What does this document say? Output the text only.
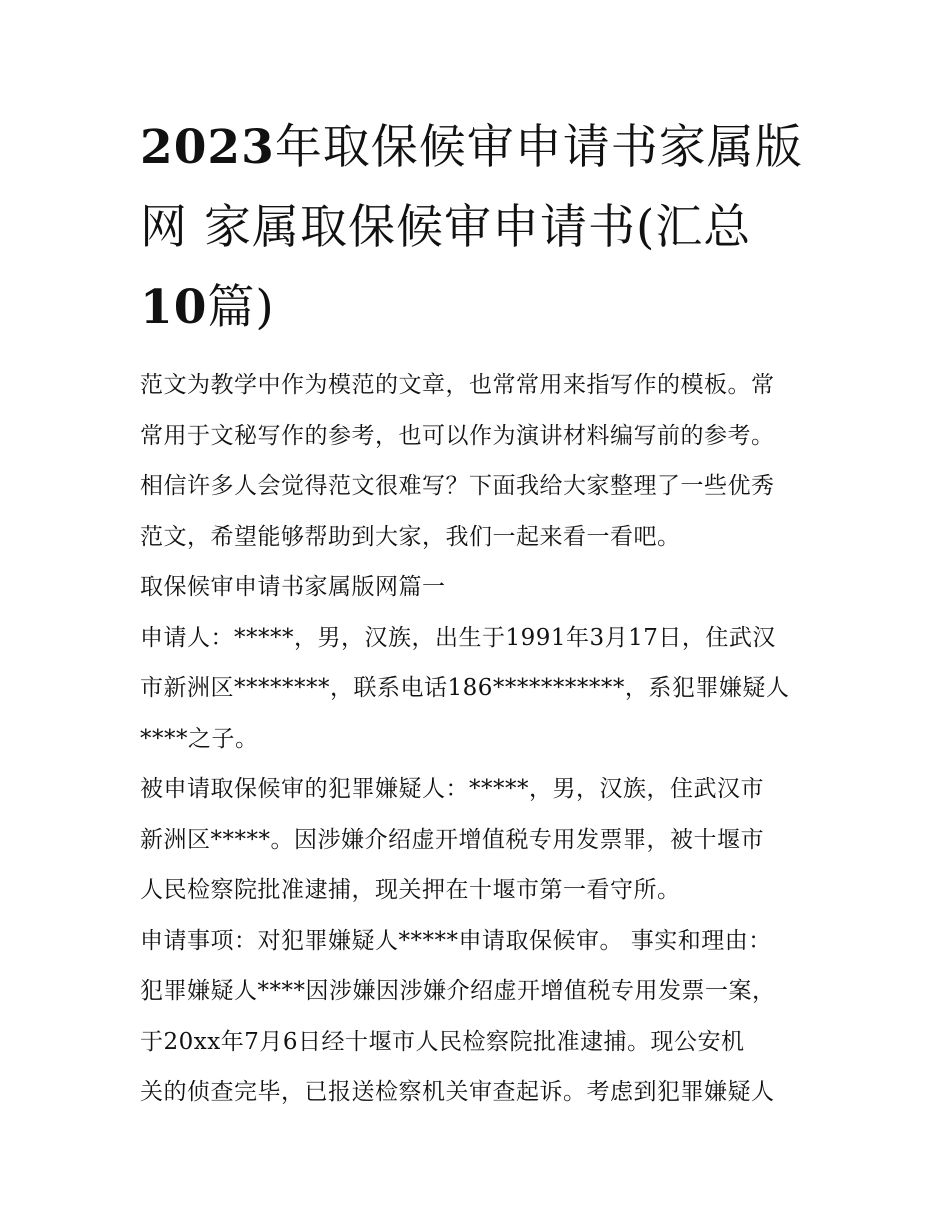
2023年取保候审申请书家属版
网 家属取保候审申请书(汇总
10篇)

范文为教学中作为模范的文章，也常常用来指写作的模板。常

常用于文秘写作的参考，也可以作为演讲材料编写前的参考。

相信许多人会觉得范文很难写？下面我给大家整理了一些优秀

范文，希望能够帮助到大家，我们一起来看一看吧。

取保候审申请书家属版网篇一

申请人：*****，男，汉族，出生于1991年3月17日，住武汉

市新洲区********，联系电话186***********，系犯罪嫌疑人

****之子。

被申请取保候审的犯罪嫌疑人：*****，男，汉族，住武汉市

新洲区*****。因涉嫌介绍虚开增值税专用发票罪，被十堰市

人民检察院批准逮捕，现关押在十堰市第一看守所。

申请事项：对犯罪嫌疑人*****申请取保候审。 事实和理由：

犯罪嫌疑人****因涉嫌因涉嫌介绍虚开增值税专用发票一案，

于20xx年7月6日经十堰市人民检察院批准逮捕。现公安机

关的侦查完毕，已报送检察机关审查起诉。考虑到犯罪嫌疑人
